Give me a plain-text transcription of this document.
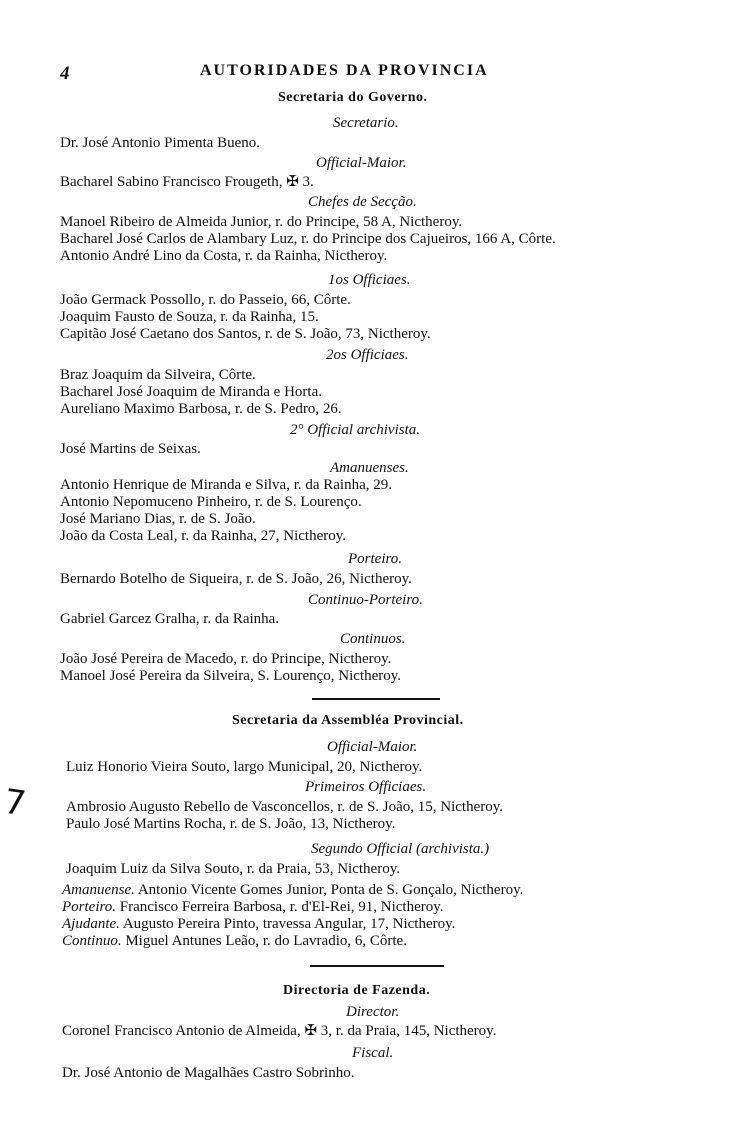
4	AUTORIDADES DA PROVINCIA
Secretaria do Governo.
Secretario.
Dr. José Antonio Pimenta Bueno.
Official-Maior.
Bacharel Sabino Francisco Frougeth, ✠ 3.
Chefes de Secção.
Manoel Ribeiro de Almeida Junior, r. do Principe, 58 A, Nictheroy.
Bacharel José Carlos de Alambary Luz, r. do Principe dos Cajueiros, 166 A, Côrte.
Antonio André Lino da Costa, r. da Rainha, Nictheroy.
1os Officiaes.
João Germack Possollo, r. do Passeio, 66, Côrte.
Joaquim Fausto de Souza, r. da Rainha, 15.
Capitão José Caetano dos Santos, r. de S. João, 73, Nictheroy.
2os Officiaes.
Braz Joaquim da Silveira, Côrte.
Bacharel José Joaquim de Miranda e Horta.
Aureliano Maximo Barbosa, r. de S. Pedro, 26.
2° Official archivista.
José Martins de Seixas.
Amanuenses.
Antonio Henrique de Miranda e Silva, r. da Rainha, 29.
Antonio Nepomuceno Pinheiro, r. de S. Lourenço.
José Mariano Dias, r. de S. João.
João da Costa Leal, r. da Rainha, 27, Nictheroy.
Porteiro.
Bernardo Botelho de Siqueira, r. de S. João, 26, Nictheroy.
Continuo-Porteiro.
Gabriel Garcez Gralha, r. da Rainha.
Continuos.
João José Pereira de Macedo, r. do Principe, Nictheroy.
Manoel José Pereira da Silveira, S. Lourenço, Nictheroy.
Secretaria da Assembléa Provincial.
Official-Maior.
Luiz Honorio Vieira Souto, largo Municipal, 20, Nictheroy.
Primeiros Officiaes.
Ambrosio Augusto Rebello de Vasconcellos, r. de S. João, 15, Nictheroy.
Paulo José Martins Rocha, r. de S. João, 13, Nictheroy.
Segundo Official (archivista.)
Joaquim Luiz da Silva Souto, r. da Praia, 53, Nictheroy.
Amanuense. Antonio Vicente Gomes Junior, Ponta de S. Gonçalo, Nictheroy.
Porteiro. Francisco Ferreira Barbosa, r. d'El-Rei, 91, Nictheroy.
Ajudante. Augusto Pereira Pinto, travessa Angular, 17, Nictheroy.
Continuo. Miguel Antunes Leão, r. do Lavradio, 6, Côrte.
Directoria de Fazenda.
Director.
Coronel Francisco Antonio de Almeida, ✠ 3, r. da Praia, 145, Nictheroy.
Fiscal.
Dr. José Antonio de Magalhães Castro Sobrinho.
7
